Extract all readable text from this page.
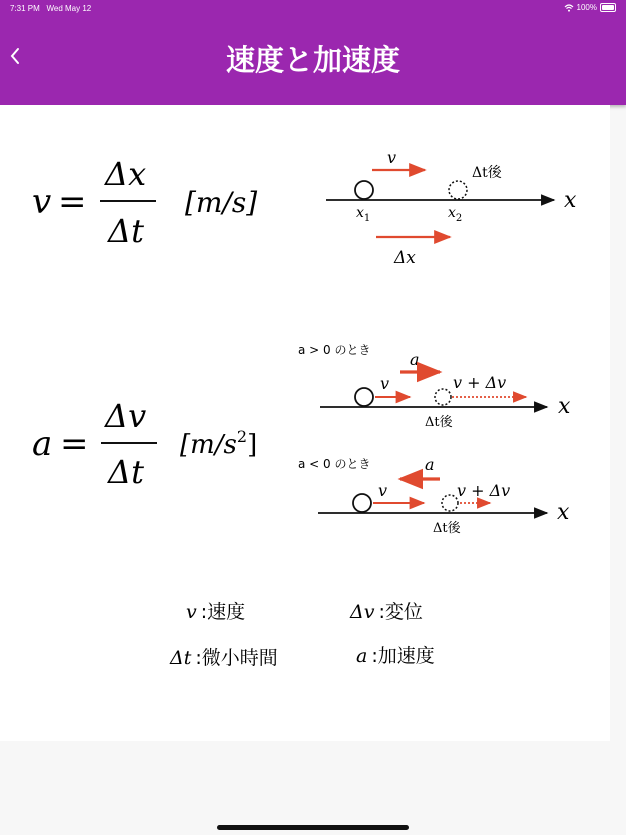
7:31 PM Wed May 12	100%
速度と加速度
v =
Δx
Δt
[m/s]
v
Δt後
x
$x_1$	$x_2$
Δx
a =
Δv
Δt
$[m/s^2]$
a > 0 のとき a
v	v + Δv
x
Δt後
a < 0 のとき	a
v	v + Δv
x
Δt後
v :速度	Δv :変位
Δt :微小時間	a :加速度
